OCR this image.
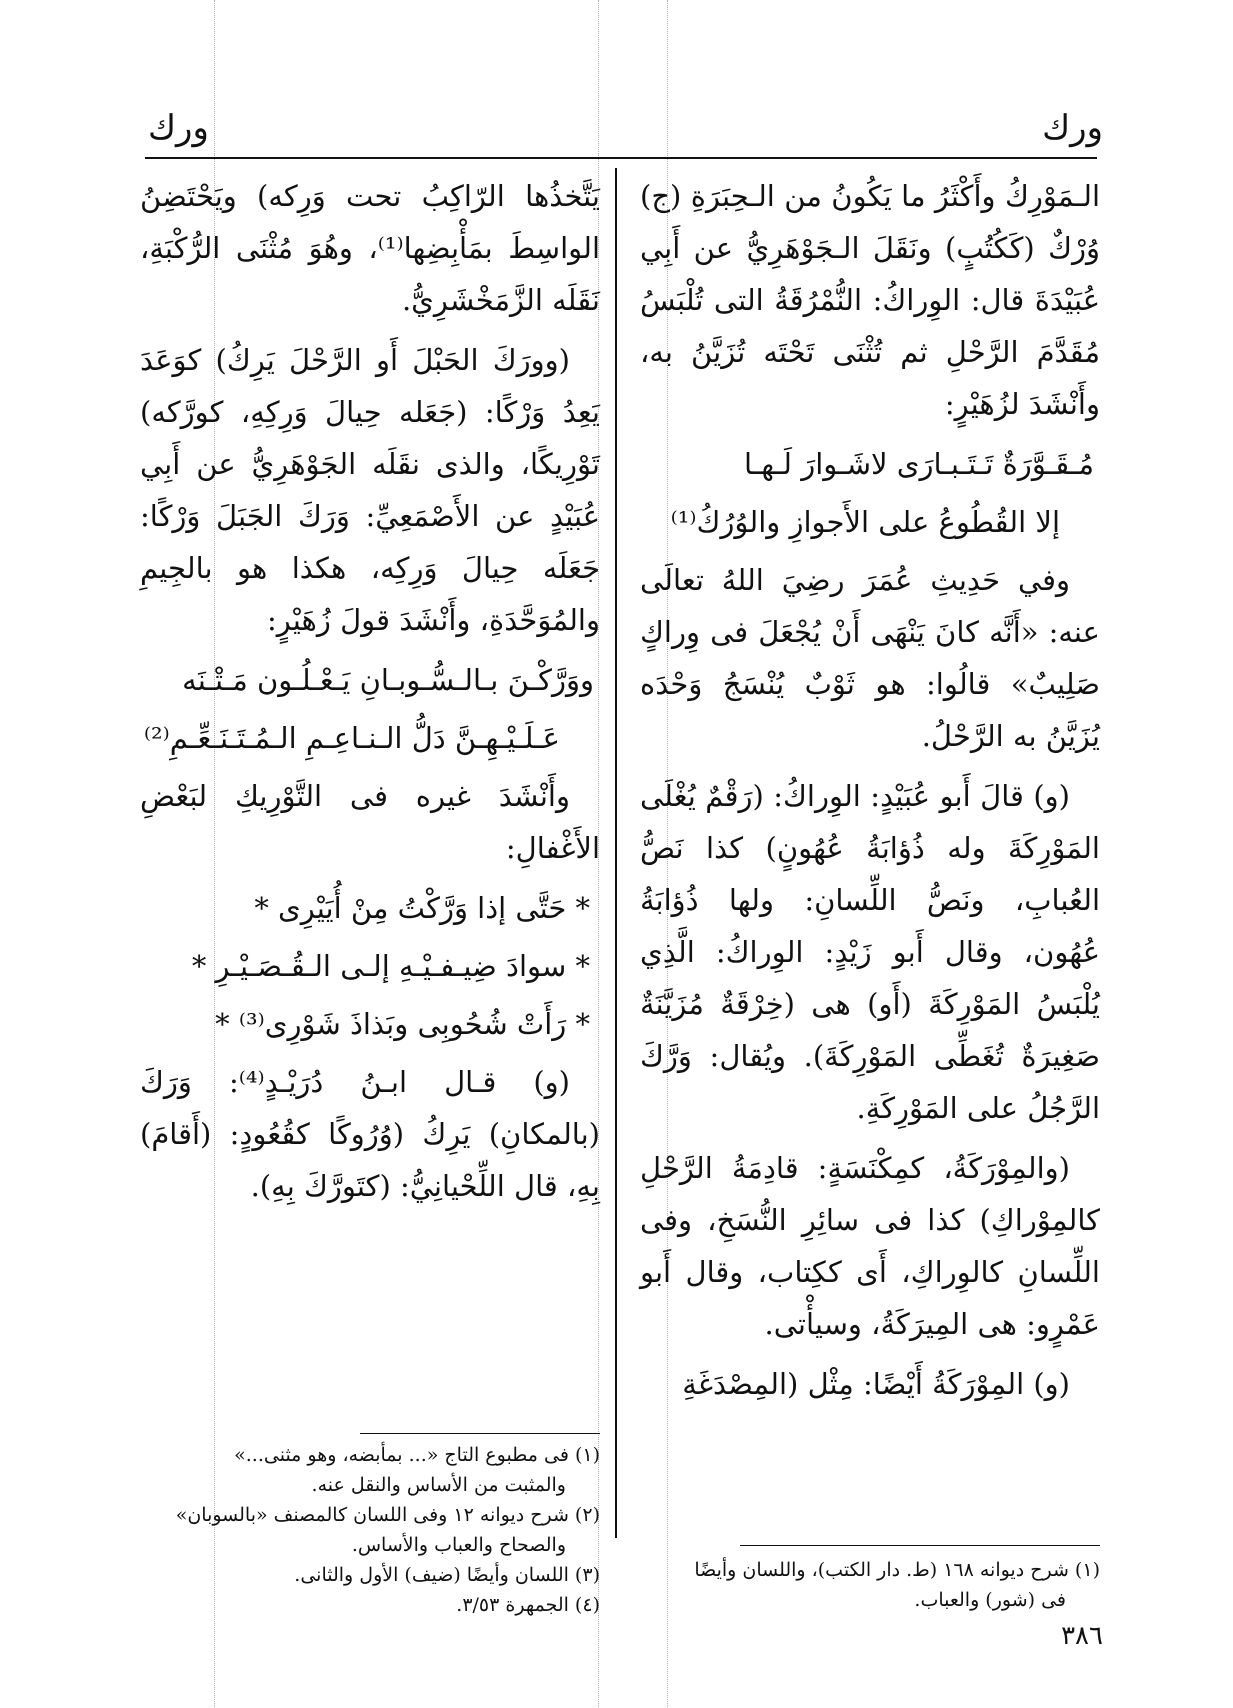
ورك
ورك

الـمَوْرِكُ وأَكْثَرُ ما يَكُونُ من الـحِبَرَةِ (ج) وُرْكٌ (كَكُتُبٍ) ونَقَلَ الـجَوْهَرِيُّ عن أَبِي عُبَيْدَةَ قال: الوِراكُ: النُّمْرُقَةُ التى تُلْبَسُ مُقَدَّمَ الرَّحْلِ ثم تُثْنَى تَحْتَه تُزَيَّنُ به، وأَنْشَدَ لزُهَيْرٍ:

مُـقَـوَّرَةٌ تَـتَـبـارَى لاشَـوارَ لَـهـا
إلا القُطُوعُ على الأَجوازِ والوُرُكُ⁽¹⁾

وفي حَدِيثِ عُمَرَ رضِيَ اللهُ تعالَى عنه: «أَنَّه كانَ يَنْهَى أَنْ يُجْعَلَ فى وِراكٍ صَلِيبٌ» قالُوا: هو ثَوْبٌ يُنْسَجُ وَحْدَه يُزَيَّنُ به الرَّحْلُ.

(و) قالَ أَبو عُبَيْدٍ: الوِراكُ: (رَقْمٌ يُغْلَى المَوْرِكَةَ وله ذُؤابَةُ عُهُونٍ) كذا نَصُّ العُبابِ، ونَصُّ اللِّسانِ: ولها ذُؤابَةُ عُهُون، وقال أَبو زَيْدٍ: الوِراكُ: الَّذِي يُلْبَسُ المَوْرِكَةَ (أَو) هى (خِرْقَةٌ مُزَيَّنَةٌ صَغِيرَةٌ تُغَطِّى المَوْرِكَةَ). ويُقال: وَرَّكَ الرَّجُلُ على المَوْرِكَةِ.

(والمِوْرَكَةُ، كمِكْنَسَةٍ: قادِمَةُ الرَّحْلِ كالمِوْراكِ) كذا فى سائِرِ النُّسَخِ، وفى اللِّسانِ كالوِراكِ، أَى ككِتاب، وقال أَبو عَمْرٍو: هى المِيرَكَةُ، وسيأْتى.

(و) المِوْرَكَةُ أَيْضًا: مِثْل (المِصْدَغَةِ

يَتَّخذُها الرّاكِبُ تحت وَرِكه) ويَحْتَضِنُ الواسِطَ بمَأْبِضِها⁽¹⁾، وهُوَ مُثْنَى الرُّكْبَةِ، نَقَلَه الزَّمَخْشَرِيُّ.

(وورَكَ الحَبْلَ أَو الرَّحْلَ يَرِكُ) كوَعَدَ يَعِدُ وَرْكًا: (جَعَله حِيالَ وَرِكِهِ، كورَّكه) تَوْرِيكًا، والذى نقَلَه الجَوْهَرِيُّ عن أَبِي عُبَيْدٍ عن الأَصْمَعِيِّ: وَرَكَ الجَبَلَ وَرْكًا: جَعَلَه حِيالَ وَرِكِه، هكذا هو بالجِيمِ والمُوَحَّدَةِ، وأَنْشَدَ قولَ زُهَيْرٍ:

ووَرَّكْـنَ بـالـسُّـوبـانِ يَـعْـلُـون مَـتْـنَه
عَـلَـيْـهِـنَّ دَلُّ الـنـاعِـمِ الـمُـتَـنَـعِّـمِ⁽²⁾

وأَنْشَدَ غيره فى التَّوْرِيكِ لبَعْضِ الأَغْفالِ:

* حَتَّى إذا وَرَّكْتُ مِنْ أُيَيْرِى *
* سوادَ ضِيـفـيْـهِ إلـى الـقُـصَـيْـرِ *
* رَأَتْ شُحُوبِى وبَذاذَ شَوْرِى⁽³⁾ *

(و) قـال ابـنُ دُرَيْـدٍ⁽⁴⁾: وَرَكَ (بالمكانِ) يَرِكُ (وُرُوكًا كقُعُودٍ: (أَقامَ) بِهِ، قال اللِّحْيانِيُّ: (كتَورَّكَ بِهِ).

(١) فى مطبوع التاج «... بمأبضه، وهو مثنى...»
والمثبت من الأساس والنقل عنه.
(٢) شرح ديوانه ١٢ وفى اللسان كالمصنف «بالسوبان»
والصحاح والعباب والأساس.
(٣) اللسان وأيضًا (ضيف) الأول والثانى.
(٤) الجمهرة ٣/٥٣.
(١) شرح ديوانه ١٦٨ (ط. دار الكتب)، واللسان وأيضًا
فى (شور) والعباب.
٣٨٦
